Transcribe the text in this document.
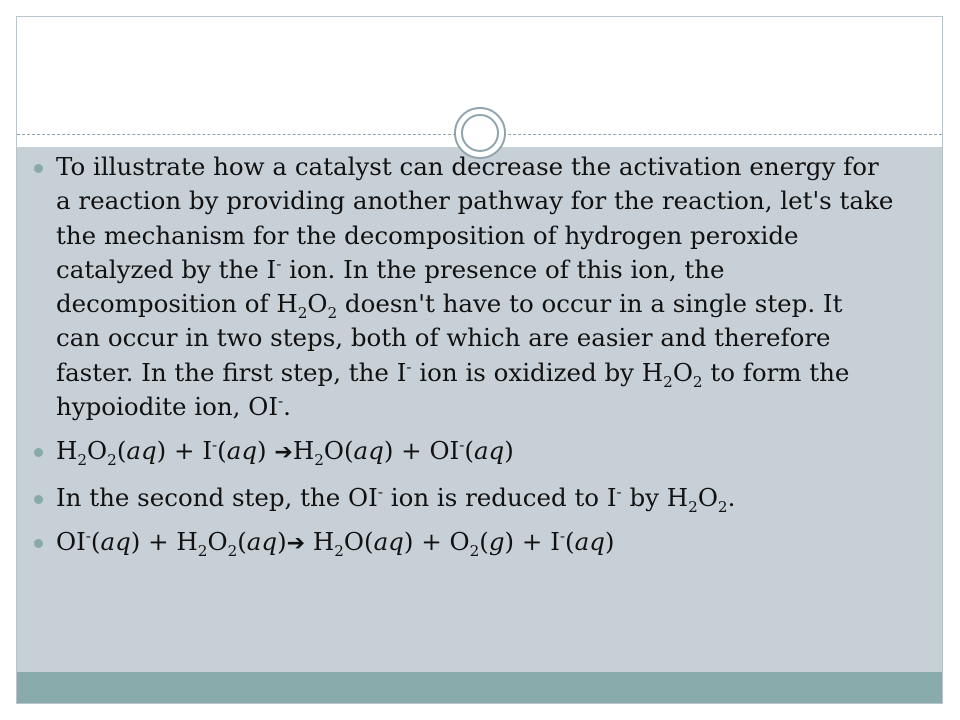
To illustrate how a catalyst can decrease the activation energy for a reaction by providing another pathway for the reaction, let's take the mechanism for the decomposition of hydrogen peroxide catalyzed by the I- ion. In the presence of this ion, the decomposition of $H_2O_2$ doesn't have to occur in a single step. It can occur in two steps, both of which are easier and therefore faster. In the first step, the I- ion is oxidized by $H_2O_2$ to form the hypoiodite ion, OI-.
$H_2O_2(aq) + I^-(aq)$ $➔H_2O(aq) + OI^-(aq)$
In the second step, the OI- ion is reduced to I- by $H_2O_2$.
$OI^-(aq) + H_2O_2(aq)➔$ $H_2O(aq) + O_2(g) + I^-(aq)$
